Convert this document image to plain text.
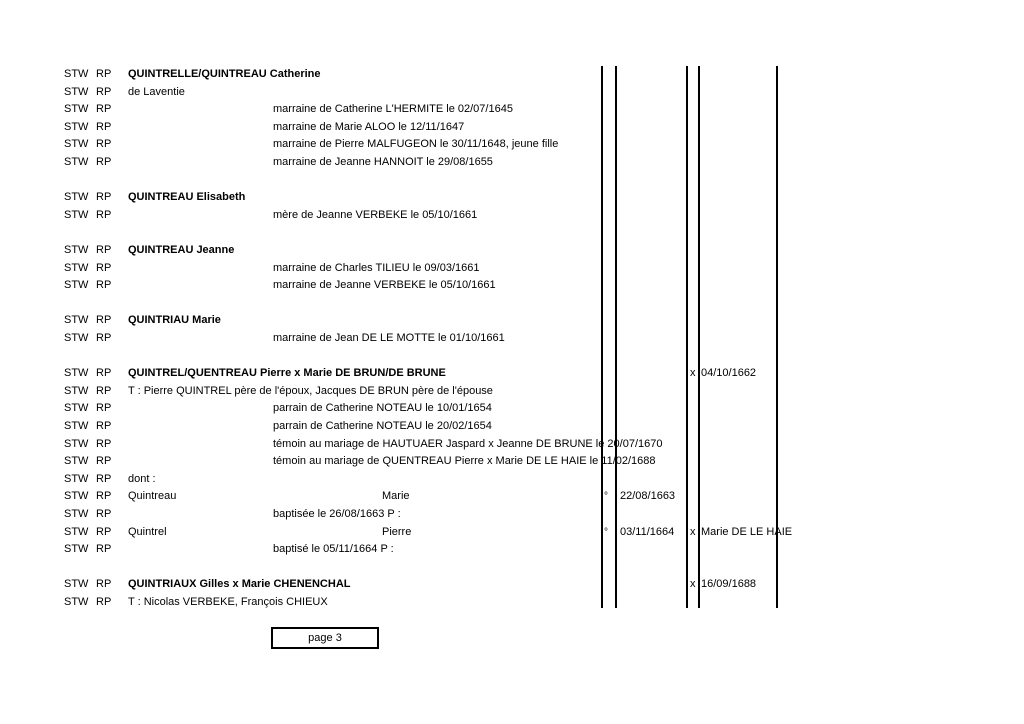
STW RP QUINTRELLE/QUINTREAU Catherine
STW RP de Laventie
STW RP	marraine de Catherine L'HERMITE le 02/07/1645
STW RP	marraine de Marie ALOO le 12/11/1647
STW RP	marraine de Pierre MALFUGEON le 30/11/1648, jeune fille
STW RP	marraine de Jeanne HANNOIT le 29/08/1655
STW RP QUINTREAU Elisabeth
STW RP	mère de Jeanne VERBEKE le 05/10/1661
STW RP QUINTREAU Jeanne
STW RP	marraine de Charles TILIEU le 09/03/1661
STW RP	marraine de Jeanne VERBEKE le 05/10/1661
STW RP QUINTRIAU Marie
STW RP	marraine de Jean DE LE MOTTE le 01/10/1661
STW RP QUINTREL/QUENTREAU Pierre x Marie DE BRUN/DE BRUNE	x 04/10/1662
STW RP T : Pierre QUINTREL père de l'époux, Jacques DE BRUN père de l'épouse
STW RP	parrain de Catherine NOTEAU le 10/01/1654
STW RP	parrain de Catherine NOTEAU le 20/02/1654
STW RP	témoin au mariage de HAUTUAER Jaspard x Jeanne DE BRUNE le 20/07/1670
STW RP	témoin au mariage de QUENTREAU Pierre x Marie DE LE HAIE le 11/02/1688
STW RP dont :
STW RP Quintreau	Marie	° 22/08/1663
STW RP	baptisée le 26/08/1663 P :
STW RP Quintrel	Pierre	° 03/11/1664 x Marie DE LE HAIE
STW RP	baptisé le 05/11/1664 P :
STW RP QUINTRIAUX Gilles x Marie CHENENCHAL	x 16/09/1688
STW RP T : Nicolas VERBEKE, François CHIEUX
page 3
